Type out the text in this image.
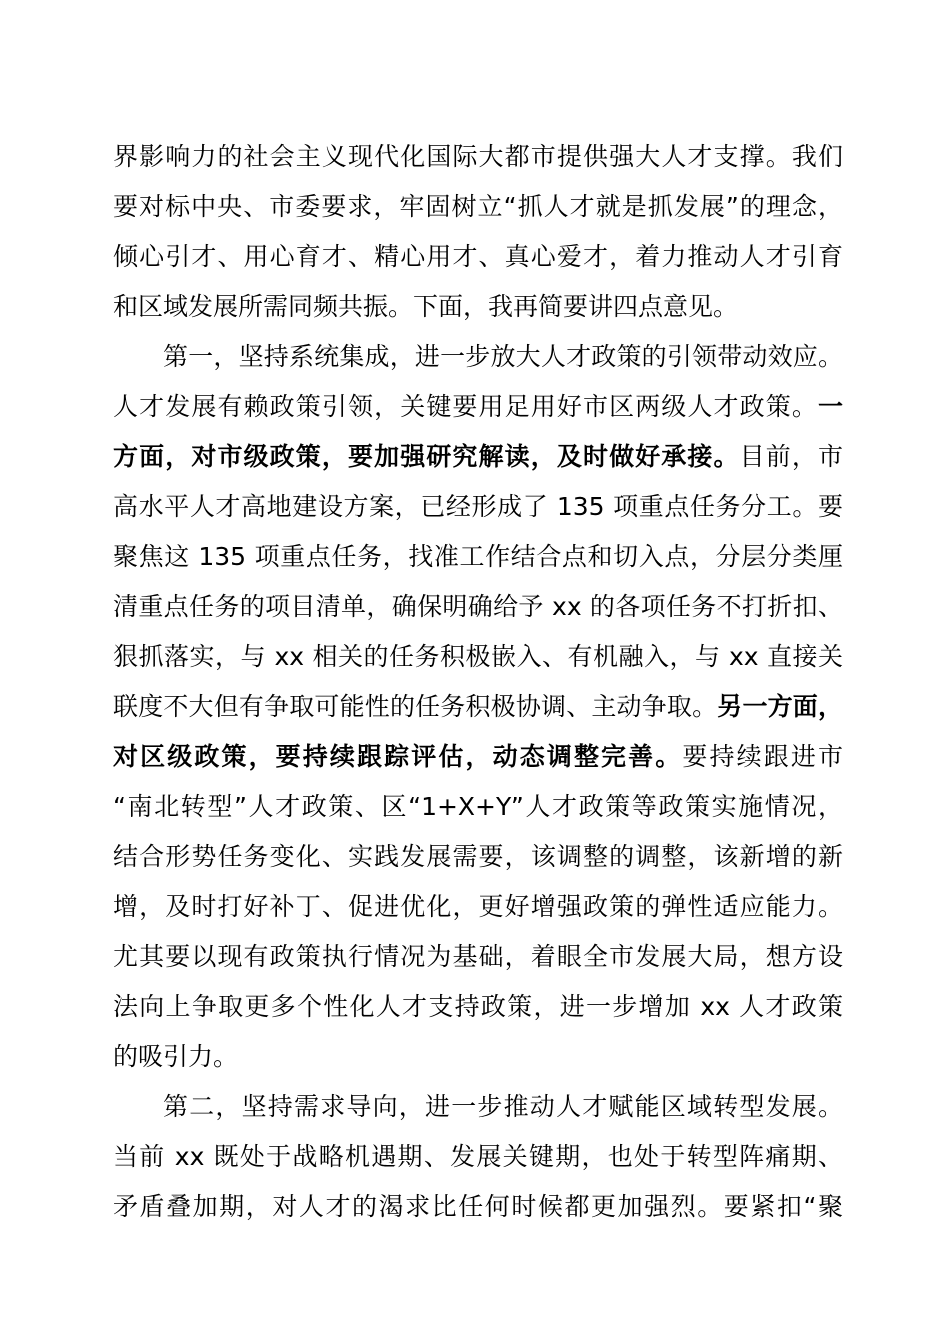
界影响力的社会主义现代化国际大都市提供强大人才支撑。我们
要对标中央、市委要求，牢固树立“抓人才就是抓发展”的理念，
倾心引才、用心育才、精心用才、真心爱才，着力推动人才引育
和区域发展所需同频共振。下面，我再简要讲四点意见。
第一，坚持系统集成，进一步放大人才政策的引领带动效应。
人才发展有赖政策引领，关键要用足用好市区两级人才政策。一
方面，对市级政策，要加强研究解读，及时做好承接。目前，市
高水平人才高地建设方案，已经形成了 135 项重点任务分工。要
聚焦这 135 项重点任务，找准工作结合点和切入点，分层分类厘
清重点任务的项目清单，确保明确给予 xx 的各项任务不打折扣、
狠抓落实，与 xx 相关的任务积极嵌入、有机融入，与 xx 直接关
联度不大但有争取可能性的任务积极协调、主动争取。另一方面，
对区级政策，要持续跟踪评估，动态调整完善。要持续跟进市
“南北转型”人才政策、区“1+X+Y”人才政策等政策实施情况，
结合形势任务变化、实践发展需要，该调整的调整，该新增的新
增，及时打好补丁、促进优化，更好增强政策的弹性适应能力。
尤其要以现有政策执行情况为基础，着眼全市发展大局，想方设
法向上争取更多个性化人才支持政策，进一步增加 xx 人才政策
的吸引力。
第二，坚持需求导向，进一步推动人才赋能区域转型发展。
当前 xx 既处于战略机遇期、发展关键期，也处于转型阵痛期、
矛盾叠加期，对人才的渴求比任何时候都更加强烈。要紧扣“聚
